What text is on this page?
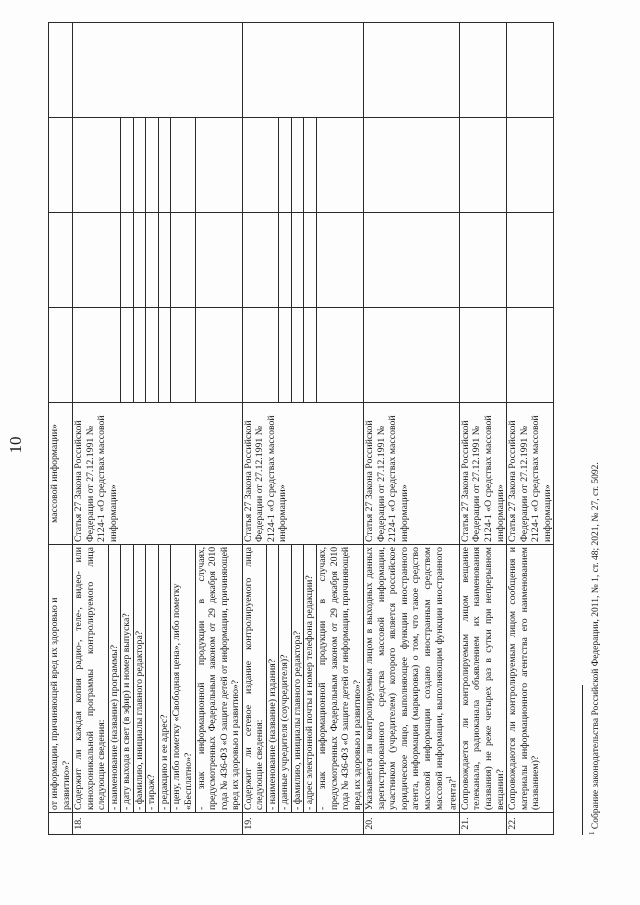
10
	от информации, причиняющей вред их здоровью и развитию»?	массовой информации»				
18.	Содержит ли каждая копия радио-, теле-, видео- или кинохроникальной программы контролируемого лица следующие сведения:	Статья 27 Закона Российской Федерации от 27.12.1991 № 2124-1 «О средствах массовой информации»				
	- наименование (название) программы?					
	- дату выхода в свет (в эфир) и номер выпуска?					
	- фамилию, инициалы главного редактора?					
	- тираж?					
	- редакцию и ее адрес?					
	- цену, либо пометку «Свободная цена», либо пометку «Бесплатно»?					
	- знак информационной продукции в случаях, предусмотренных Федеральным законом от 29 декабря 2010 года № 436-ФЗ «О защите детей от информации, причиняющей вред их здоровью и развитию»?					
19.	Содержит ли сетевое издание контролируемого лица следующие сведения:	Статья 27 Закона Российской Федерации от 27.12.1991 № 2124-1 «О средствах массовой информации»				
	- наименование (название) издания?					
	- данные учредителя (соучредителя)?					
	- фамилию, инициалы главного редактора?					
	- адрес электронной почты и номер телефона редакции?					
	- знак информационной продукции в случаях, предусмотренных Федеральным законом от 29 декабря 2010 года № 436-ФЗ «О защите детей от информации, причиняющей вред их здоровью и развитию»?					
20.	Указывается ли контролируемым лицом в выходных данных зарегистрированного средства массовой информации, участником (учредителем) которого является российское юридическое лицо, выполняющее функции иностранного агента, информация (маркировка) о том, что такое средство массовой информации создано иностранным средством массовой информации, выполняющим функции иностранного агента?$^1$	Статья 27 Закона Российской Федерации от 27.12.1991 № 2124-1 «О средствах массовой информации»				
21.	Сопровождается ли контролируемым лицом вещание телеканала, радиоканала объявлением их наименования (названия) не реже четырех раз в сутки при непрерывном вещании?	Статья 27 Закона Российской Федерации от 27.12.1991 № 2124-1 «О средствах массовой информации»				
22.	Сопровождаются ли контролируемым лицом сообщения и материалы информационного агентства его наименованием (названием)?	Статья 27 Закона Российской Федерации от 27.12.1991 № 2124-1 «О средствах массовой информации»				
$^1$ Собрание законодательства Российской Федерации, 2011, № 1, ст. 48; 2021, № 27, ст. 5092.
